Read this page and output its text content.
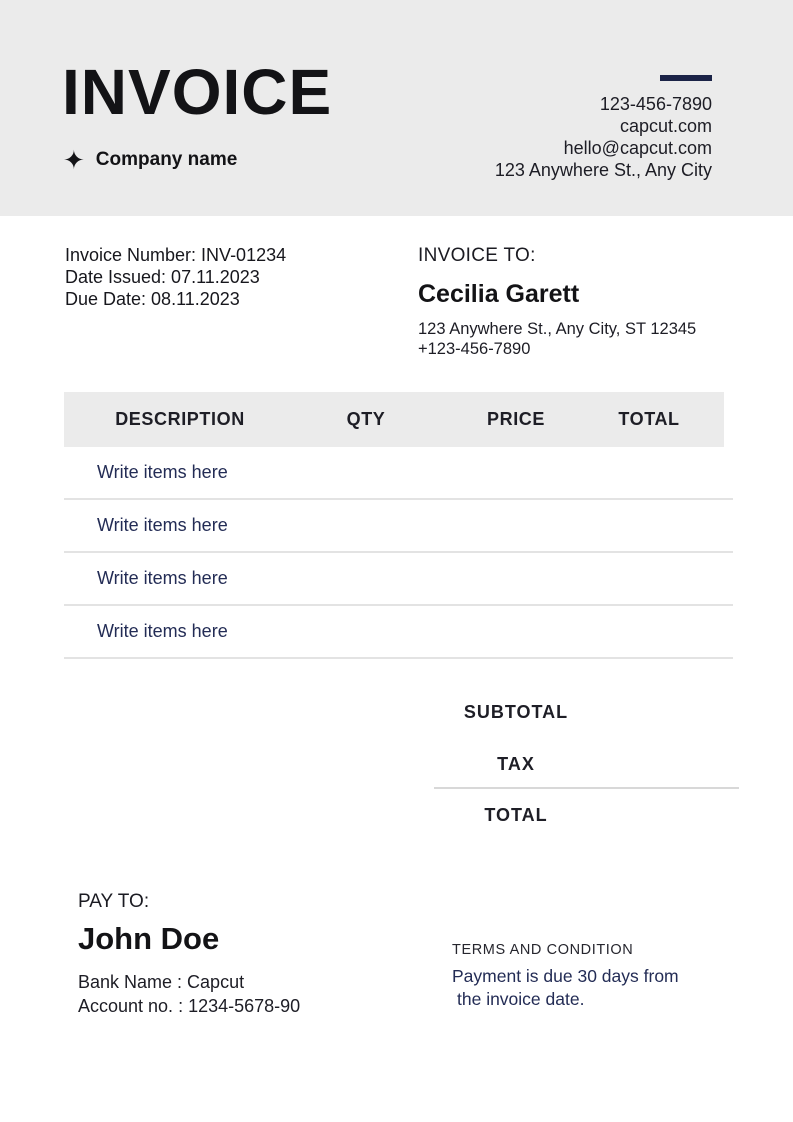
INVOICE
✦ Company name
123-456-7890
capcut.com
hello@capcut.com
123 Anywhere St., Any City
Invoice Number: INV-01234
Date Issued: 07.11.2023
Due Date: 08.11.2023
INVOICE TO:
Cecilia Garett
123 Anywhere St., Any City, ST 12345
+123-456-7890
DESCRIPTION	QTY	PRICE	TOTAL
Write items here
Write items here
Write items here
Write items here
SUBTOTAL
TAX
TOTAL
PAY TO:
John Doe
Bank Name : Capcut
Account no. : 1234-5678-90
TERMS AND CONDITION
Payment is due 30 days from
the invoice date.
